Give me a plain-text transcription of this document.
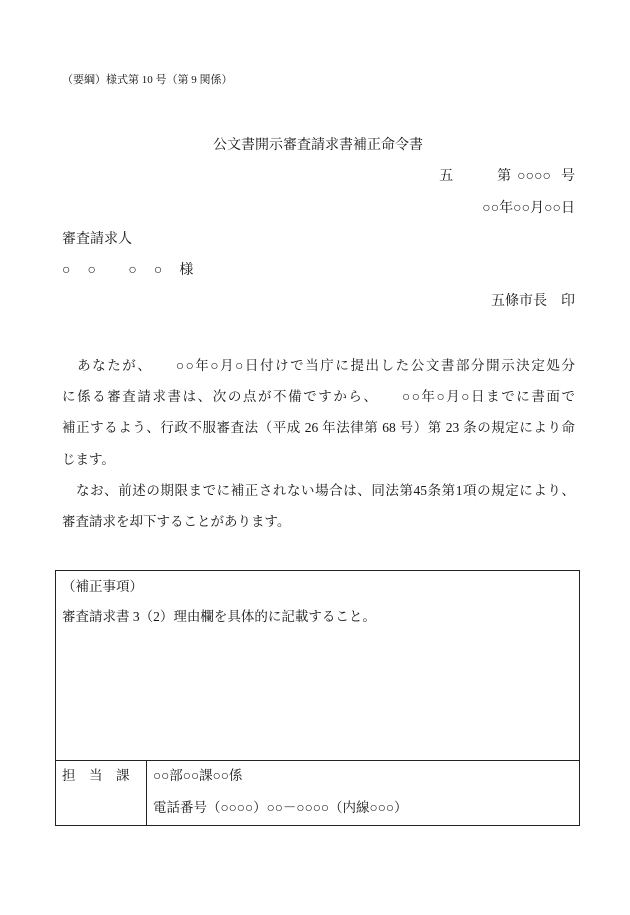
（要綱）様式第 10 号（第 9 関係）
公文書開示審査請求書補正命令書
五	第 ○○○○ 号
○○年○○月○○日
審査請求人
○　○　　○　○　様
五條市長 印
　あなたが、　　○○年○月○日付けで当庁に提出した公文書部分開示決定処分
に係る審査請求書は、次の点が不備ですから、　　○○年○月○日までに書面で
補正するよう、行政不服審査法（平成 26 年法律第 68 号）第 23 条の規定により命
じます。
　なお、前述の期限までに補正されない場合は、同法第45条第1項の規定により、
審査請求を却下することがあります。
（補正事項）
審査請求書 3（2）理由欄を具体的に記載すること。
担　当　課 ○○部○○課○○係
電話番号（○○○○）○○－○○○○（内線○○○）
